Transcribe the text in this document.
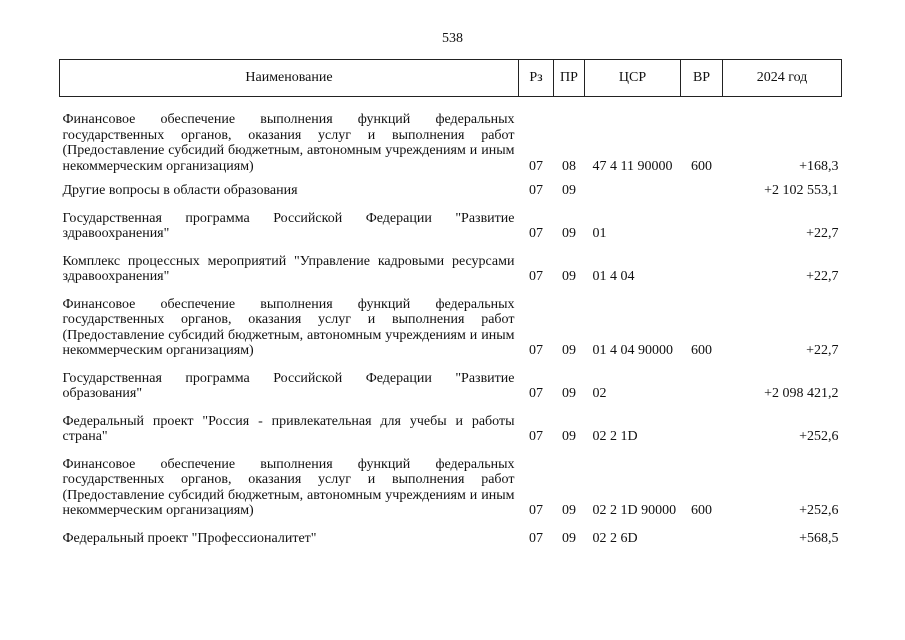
538
Наименование	Рз	ПР	ЦСР	ВР	2024 год

Финансовое обеспечение выполнения функций федеральных государственных органов, оказания услуг и выполнения работ (Предоставление субсидий бюджетным, автономным учреждениям и иным некоммерческим организациям)	07	08	47 4 11 90000	600	+168,3

Другие вопросы в области образования	07	09			+2 102 553,1

Государственная программа Российской Федерации "Развитие здравоохранения"	07	09	01		+22,7

Комплекс процессных мероприятий "Управление кадровыми ресурсами здравоохранения"	07	09	01 4 04		+22,7

Финансовое обеспечение выполнения функций федеральных государственных органов, оказания услуг и выполнения работ (Предоставление субсидий бюджетным, автономным учреждениям и иным некоммерческим организациям)	07	09	01 4 04 90000	600	+22,7

Государственная программа Российской Федерации "Развитие образования"	07	09	02		+2 098 421,2

Федеральный проект "Россия - привлекательная для учебы и работы страна"	07	09	02 2 1D		+252,6

Финансовое обеспечение выполнения функций федеральных государственных органов, оказания услуг и выполнения работ (Предоставление субсидий бюджетным, автономным учреждениям и иным некоммерческим организациям)	07	09	02 2 1D 90000	600	+252,6

Федеральный проект "Профессионалитет"	07	09	02 2 6D		+568,5
